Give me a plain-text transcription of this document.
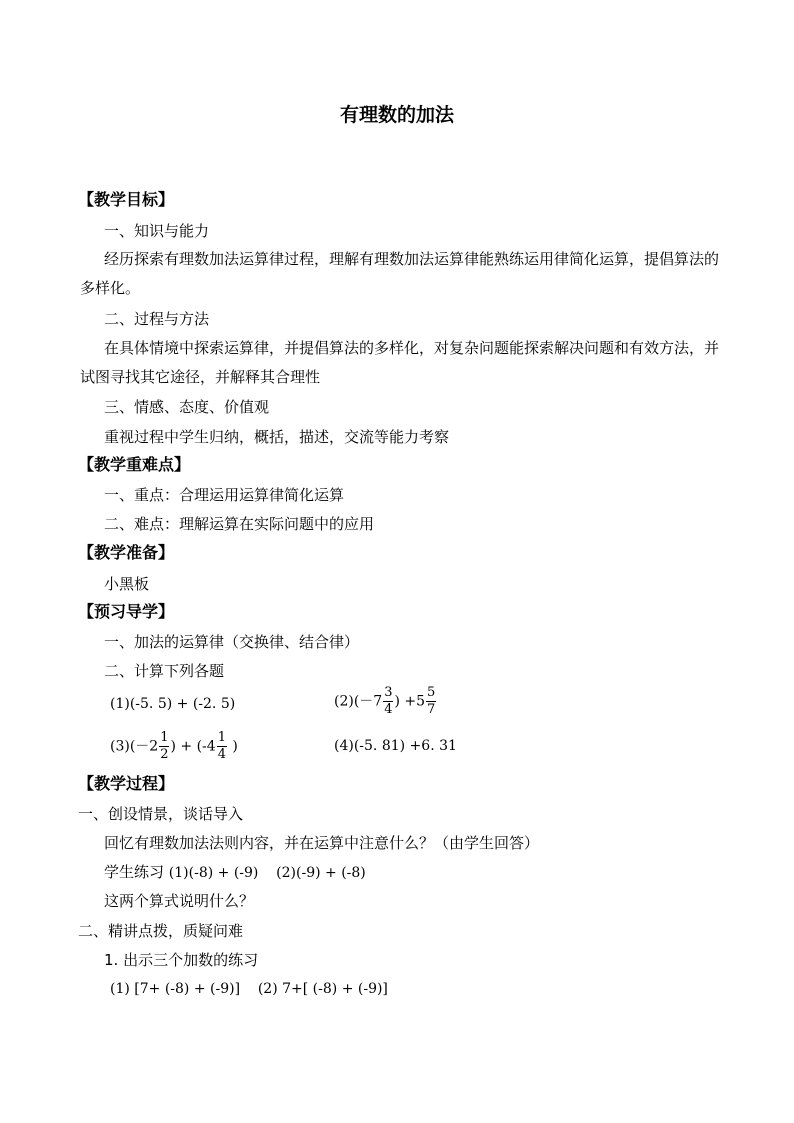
有理数的加法
【教学目标】
一、知识与能力
经历探索有理数加法运算律过程，理解有理数加法运算律能熟练运用律简化运算，提倡算法的多样化。
二、过程与方法
在具体情境中探索运算律，并提倡算法的多样化，对复杂问题能探索解决问题和有效方法，并试图寻找其它途径，并解释其合理性
三、情感、态度、价值观
重视过程中学生归纳，概括，描述，交流等能力考察
【教学重难点】
一、重点：合理运用运算律简化运算
二、难点：理解运算在实际问题中的应用
【教学准备】
小黑板
【预习导学】
一、加法的运算律（交换律、结合律）
二、计算下列各题
(1)(-5. 5) + (-2. 5)	$(2)(-7 \frac{3}{4}$ ) $+5 \frac{5}{7}$
$(3)(-2 \frac{1}{2}$ ) + ($-4 \frac{1}{4}$ )	(4)(-5. 81) +6. 31
【教学过程】
一、创设情景，谈话导入
回忆有理数加法法则内容，并在运算中注意什么？（由学生回答）
学生练习 (1)(-8) + (-9)    (2)(-9) + (-8)
这两个算式说明什么？
二、精讲点拨，质疑问难
1. 出示三个加数的练习
(1) [7+ (-8) + (-9)]    (2) 7+[ (-8) + (-9)]
